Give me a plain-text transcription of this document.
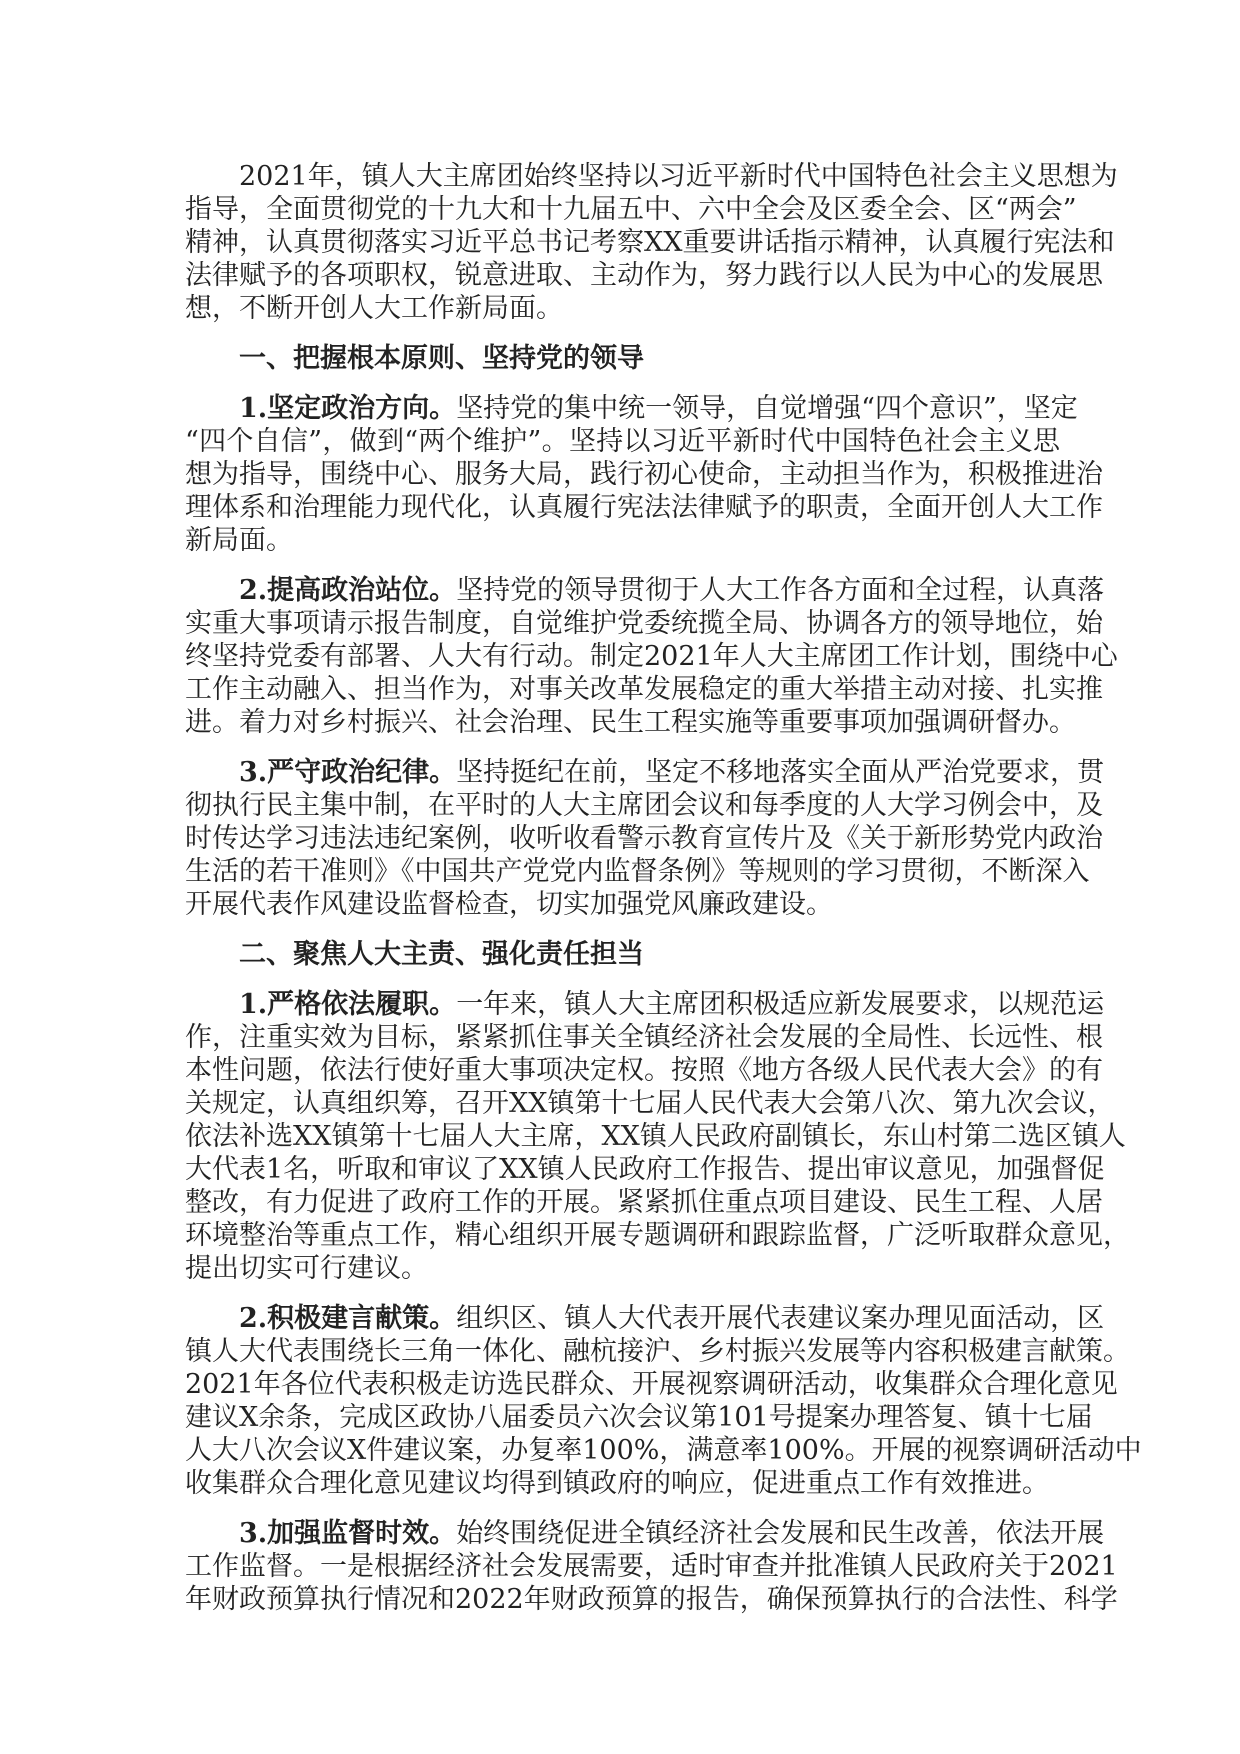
2021年，镇人大主席团始终坚持以习近平新时代中国特色社会主义思想为
指导，全面贯彻党的十九大和十九届五中、六中全会及区委全会、区“两会”
精神，认真贯彻落实习近平总书记考察XX重要讲话指示精神，认真履行宪法和
法律赋予的各项职权，锐意进取、主动作为，努力践行以人民为中心的发展思
想，不断开创人大工作新局面。
一、把握根本原则、坚持党的领导
1.坚定政治方向。坚持党的集中统一领导，自觉增强“四个意识”，坚定
“四个自信”，做到“两个维护”。坚持以习近平新时代中国特色社会主义思
想为指导，围绕中心、服务大局，践行初心使命，主动担当作为，积极推进治
理体系和治理能力现代化，认真履行宪法法律赋予的职责，全面开创人大工作
新局面。
2.提高政治站位。坚持党的领导贯彻于人大工作各方面和全过程，认真落
实重大事项请示报告制度，自觉维护党委统揽全局、协调各方的领导地位，始
终坚持党委有部署、人大有行动。制定2021年人大主席团工作计划，围绕中心
工作主动融入、担当作为，对事关改革发展稳定的重大举措主动对接、扎实推
进。着力对乡村振兴、社会治理、民生工程实施等重要事项加强调研督办。
3.严守政治纪律。坚持挺纪在前，坚定不移地落实全面从严治党要求，贯
彻执行民主集中制，在平时的人大主席团会议和每季度的人大学习例会中，及
时传达学习违法违纪案例，收听收看警示教育宣传片及《关于新形势党内政治
生活的若干准则》《中国共产党党内监督条例》等规则的学习贯彻，不断深入
开展代表作风建设监督检查，切实加强党风廉政建设。
二、聚焦人大主责、强化责任担当
1.严格依法履职。一年来，镇人大主席团积极适应新发展要求，以规范运
作，注重实效为目标，紧紧抓住事关全镇经济社会发展的全局性、长远性、根
本性问题，依法行使好重大事项决定权。按照《地方各级人民代表大会》的有
关规定，认真组织筹，召开XX镇第十七届人民代表大会第八次、第九次会议，
依法补选XX镇第十七届人大主席，XX镇人民政府副镇长，东山村第二选区镇人
大代表1名，听取和审议了XX镇人民政府工作报告、提出审议意见，加强督促
整改，有力促进了政府工作的开展。紧紧抓住重点项目建设、民生工程、人居
环境整治等重点工作，精心组织开展专题调研和跟踪监督，广泛听取群众意见，
提出切实可行建议。
2.积极建言献策。组织区、镇人大代表开展代表建议案办理见面活动，区
镇人大代表围绕长三角一体化、融杭接沪、乡村振兴发展等内容积极建言献策。
2021年各位代表积极走访选民群众、开展视察调研活动，收集群众合理化意见
建议X余条，完成区政协八届委员六次会议第101号提案办理答复、镇十七届
人大八次会议X件建议案，办复率100%，满意率100%。开展的视察调研活动中
收集群众合理化意见建议均得到镇政府的响应，促进重点工作有效推进。
3.加强监督时效。始终围绕促进全镇经济社会发展和民生改善，依法开展
工作监督。一是根据经济社会发展需要，适时审查并批准镇人民政府关于2021
年财政预算执行情况和2022年财政预算的报告，确保预算执行的合法性、科学
